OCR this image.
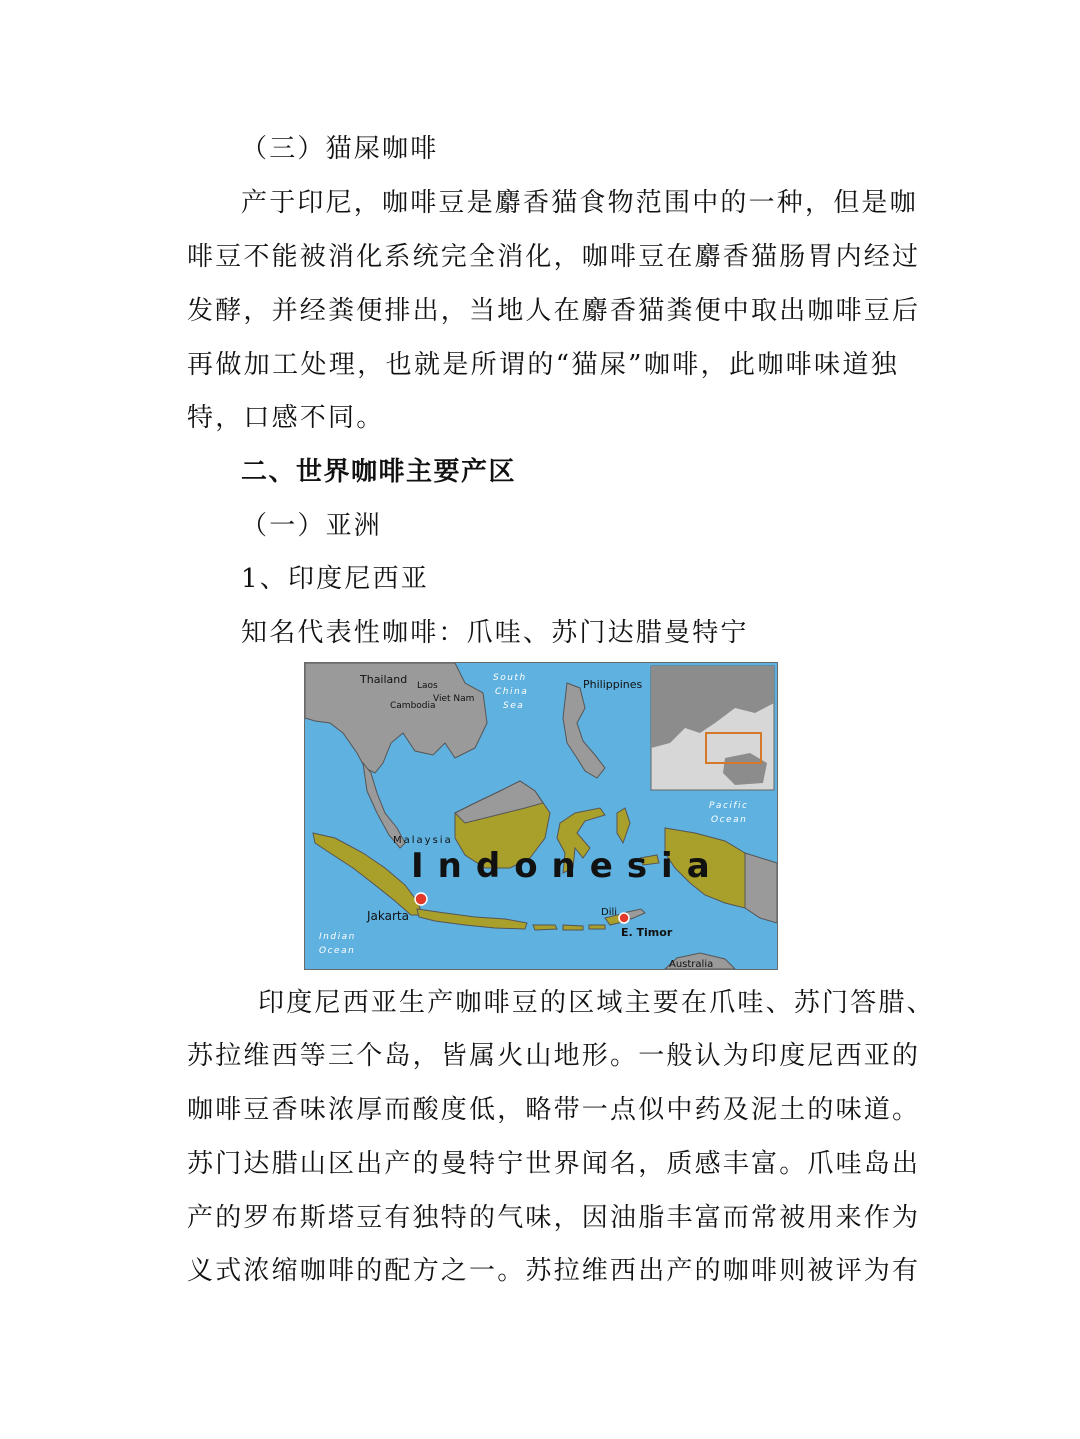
（三）猫屎咖啡
产于印尼，咖啡豆是麝香猫食物范围中的一种，但是咖
啡豆不能被消化系统完全消化，咖啡豆在麝香猫肠胃内经过
发酵，并经粪便排出，当地人在麝香猫粪便中取出咖啡豆后
再做加工处理，也就是所谓的“猫屎”咖啡，此咖啡味道独
特，口感不同。
二、世界咖啡主要产区
（一）亚洲
1、印度尼西亚
知名代表性咖啡：爪哇、苏门达腊曼特宁
Thailand Laos
Viet Nam
Cambodia
South
China
Sea
Philippines
Malaysia
Indonesia
Jakarta	Dili
E. Timor
Indian
Ocean
Pacific
Ocean
Australia
印度尼西亚生产咖啡豆的区域主要在爪哇、苏门答腊、
苏拉维西等三个岛，皆属火山地形。一般认为印度尼西亚的
咖啡豆香味浓厚而酸度低，略带一点似中药及泥土的味道。
苏门达腊山区出产的曼特宁世界闻名，质感丰富。爪哇岛出
产的罗布斯塔豆有独特的气味，因油脂丰富而常被用来作为
义式浓缩咖啡的配方之一。苏拉维西出产的咖啡则被评为有
